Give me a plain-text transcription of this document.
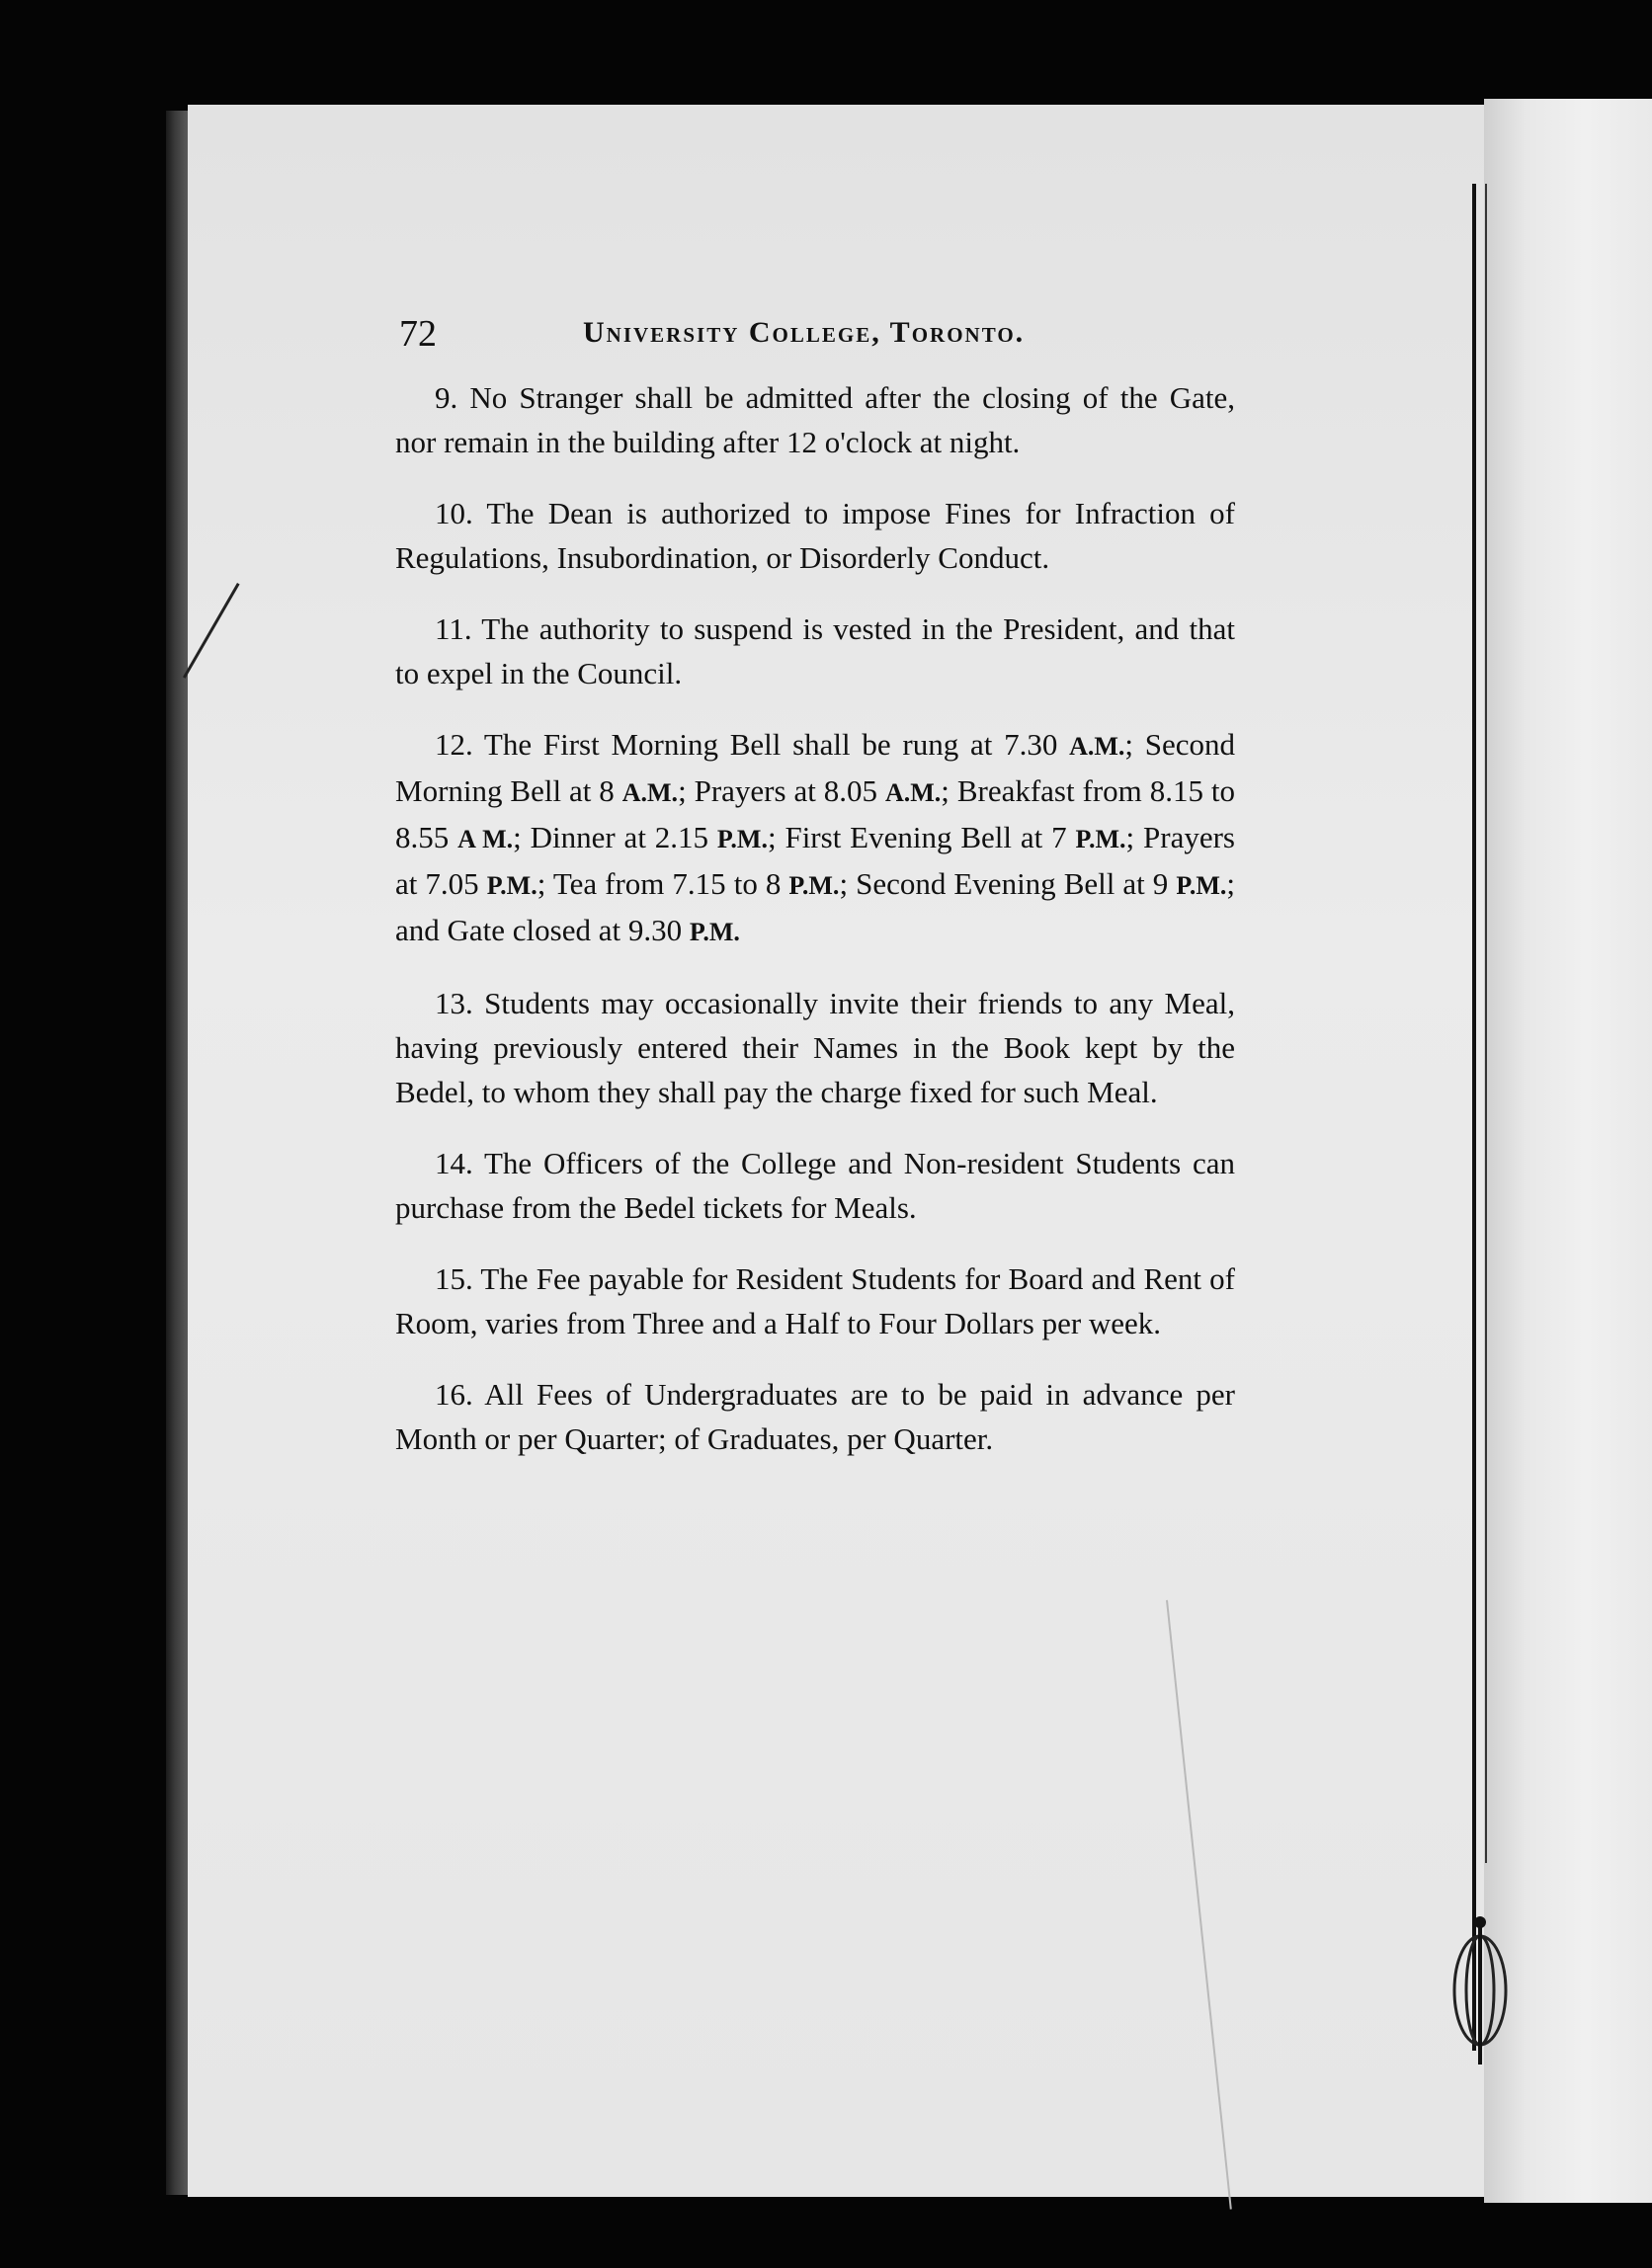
72	University College, Toronto.

9. No Stranger shall be admitted after the closing of the Gate, nor remain in the building after 12 o'clock at night.

10. The Dean is authorized to impose Fines for Infraction of Regulations, Insubordination, or Disorderly Conduct.

11. The authority to suspend is vested in the President, and that to expel in the Council.

12. The First Morning Bell shall be rung at 7.30 A.M.; Second Morning Bell at 8 A.M.; Prayers at 8.05 A.M.; Breakfast from 8.15 to 8.55 A M.; Dinner at 2.15 P.M.; First Evening Bell at 7 P.M.; Prayers at 7.05 P.M.; Tea from 7.15 to 8 P.M.; Second Evening Bell at 9 P.M.; and Gate closed at 9.30 P.M.

13. Students may occasionally invite their friends to any Meal, having previously entered their Names in the Book kept by the Bedel, to whom they shall pay the charge fixed for such Meal.

14. The Officers of the College and Non-resident Students can purchase from the Bedel tickets for Meals.

15. The Fee payable for Resident Students for Board and Rent of Room, varies from Three and a Half to Four Dollars per week.

16. All Fees of Undergraduates are to be paid in advance per Month or per Quarter; of Graduates, per Quarter.
